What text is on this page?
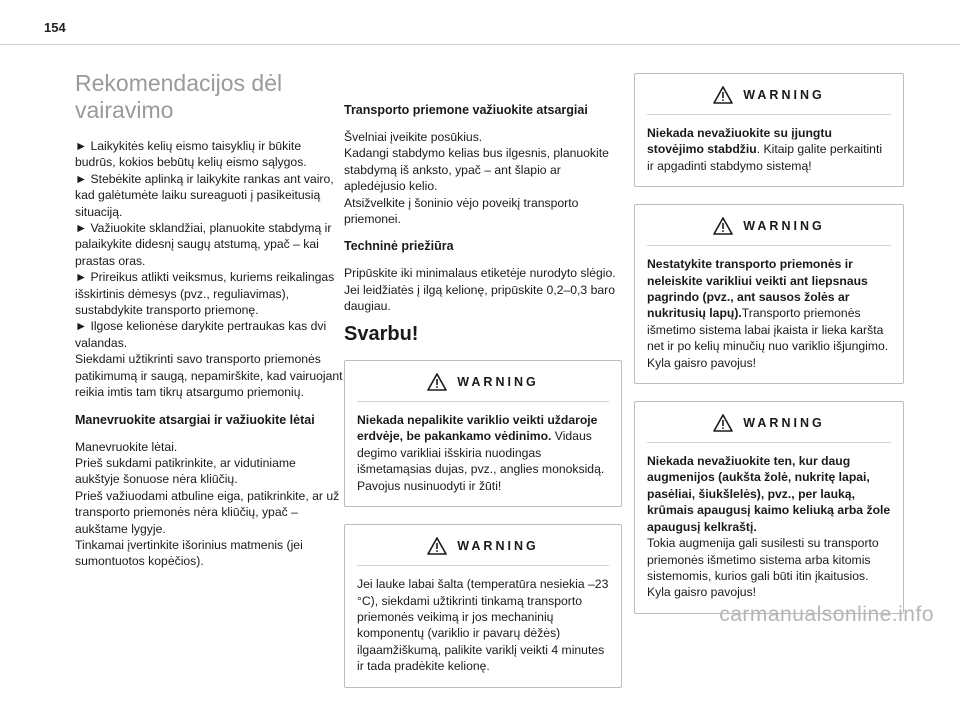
154
Rekomendacijos dėl vairavimo

► Laikykitės kelių eismo taisyklių ir būkite budrūs, kokios bebūtų kelių eismo sąlygos.
► Stebėkite aplinką ir laikykite rankas ant vairo, kad galėtumėte laiku sureaguoti į pasikeitusią situaciją.
► Važiuokite sklandžiai, planuokite stabdymą ir palaikykite didesnį saugų atstumą, ypač – kai prastas oras.
► Prireikus atlikti veiksmus, kuriems reikalingas išskirtinis dėmesys (pvz., reguliavimas), sustabdykite transporto priemonę.
► Ilgose kelionėse darykite pertraukas kas dvi valandas.
Siekdami užtikrinti savo transporto priemonės patikimumą ir saugą, nepamirškite, kad vairuojant reikia imtis tam tikrų atsargumo priemonių.

Manevruokite atsargiai ir važiuokite lėtai

Manevruokite lėtai.
Prieš sukdami patikrinkite, ar vidutiniame aukštyje šonuose nėra kliūčių.
Prieš važiuodami atbuline eiga, patikrinkite, ar už transporto priemonės nėra kliūčių, ypač – aukštame lygyje.
Tinkamai įvertinkite išorinius matmenis (jei sumontuotos kopėčios).

Transporto priemone važiuokite atsargiai

Švelniai įveikite posūkius.
Kadangi stabdymo kelias bus ilgesnis, planuokite stabdymą iš anksto, ypač – ant šlapio ar apledėjusio kelio.
Atsižvelkite į šoninio vėjo poveikį transporto priemonei.

Techninė priežiūra

Pripūskite iki minimalaus etiketėje nurodyto slėgio. Jei leidžiatės į ilgą kelionę, pripūskite 0,2–0,3 baro daugiau.

Svarbu!
WARNING
Niekada nepalikite variklio veikti uždaroje erdvėje, be pakankamo vėdinimo. Vidaus degimo varikliai išskiria nuodingas išmetamąsias dujas, pvz., anglies monoksidą. Pavojus nusinuodyti ir žūti!
WARNING
Jei lauke labai šalta (temperatūra nesiekia –23 °C), siekdami užtikrinti tinkamą transporto priemonės veikimą ir jos mechaninių komponentų (variklio ir pavarų dėžės) ilgaamžiškumą, palikite variklį veikti 4 minutes ir tada pradėkite kelionę.
WARNING
Niekada nevažiuokite su įjungtu stovėjimo stabdžiu. Kitaip galite perkaitinti ir apgadinti stabdymo sistemą!
WARNING
Nestatykite transporto priemonės ir neleiskite varikliui veikti ant liepsnaus pagrindo (pvz., ant sausos žolės ar nukritusių lapų).Transporto priemonės išmetimo sistema labai įkaista ir lieka karšta net ir po kelių minučių nuo variklio išjungimo. Kyla gaisro pavojus!
WARNING
Niekada nevažiuokite ten, kur daug augmenijos (aukšta žolė, nukritę lapai, pasėliai, šiukšlelės), pvz., per lauką, krūmais apaugusį kaimo keliuką arba žole apaugusį kelkraštį.
Tokia augmenija gali susilesti su transporto priemonės išmetimo sistema arba kitomis sistemomis, kurios gali būti itin įkaitusios. Kyla gaisro pavojus!
carmanualsonline.info
